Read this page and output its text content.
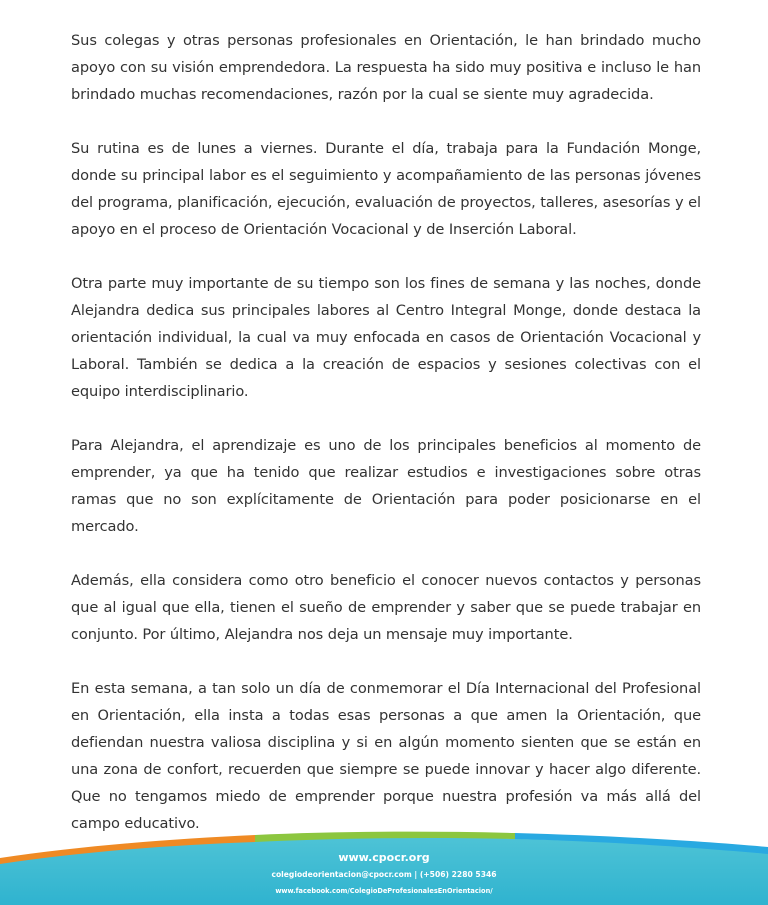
Sus colegas y otras personas profesionales en Orientación, le han brindado mucho apoyo con su visión emprendedora. La respuesta ha sido muy positiva e incluso le han brindado muchas recomendaciones, razón por la cual se siente muy agradecida.

Su rutina es de lunes a viernes. Durante el día, trabaja para la Fundación Monge, donde su principal labor es el seguimiento y acompañamiento de las personas jóvenes del programa, planificación, ejecución, evaluación de proyectos, talleres, asesorías y el apoyo en el proceso de Orientación Vocacional y de Inserción Laboral.

Otra parte muy importante de su tiempo son los fines de semana y las noches, donde Alejandra dedica sus principales labores al Centro Integral Monge, donde destaca la orientación individual, la cual va muy enfocada en casos de Orientación Vocacional y Laboral. También se dedica a la creación de espacios y sesiones colectivas con el equipo interdisciplinario.

Para Alejandra, el aprendizaje es uno de los principales beneficios al momento de emprender, ya que ha tenido que realizar estudios e investigaciones sobre otras ramas que no son explícitamente de Orientación para poder posicionarse en el mercado.

Además, ella considera como otro beneficio el conocer nuevos contactos y personas que al igual que ella, tienen el sueño de emprender y saber que se puede trabajar en conjunto. Por último, Alejandra nos deja un mensaje muy importante.

En esta semana, a tan solo un día de conmemorar el Día Internacional del Profesional en Orientación, ella insta a todas esas personas a que amen la Orientación, que defiendan nuestra valiosa disciplina y si en algún momento sienten que se están en una zona de confort, recuerden que siempre se puede innovar y hacer algo diferente. Que no tengamos miedo de emprender porque nuestra profesión va más allá del campo educativo.

www.cpocr.org
colegiodeorientacion@cpocr.com | (+506) 2280 5346
www.facebook.com/ColegioDeProfesionalesEnOrientacion/
